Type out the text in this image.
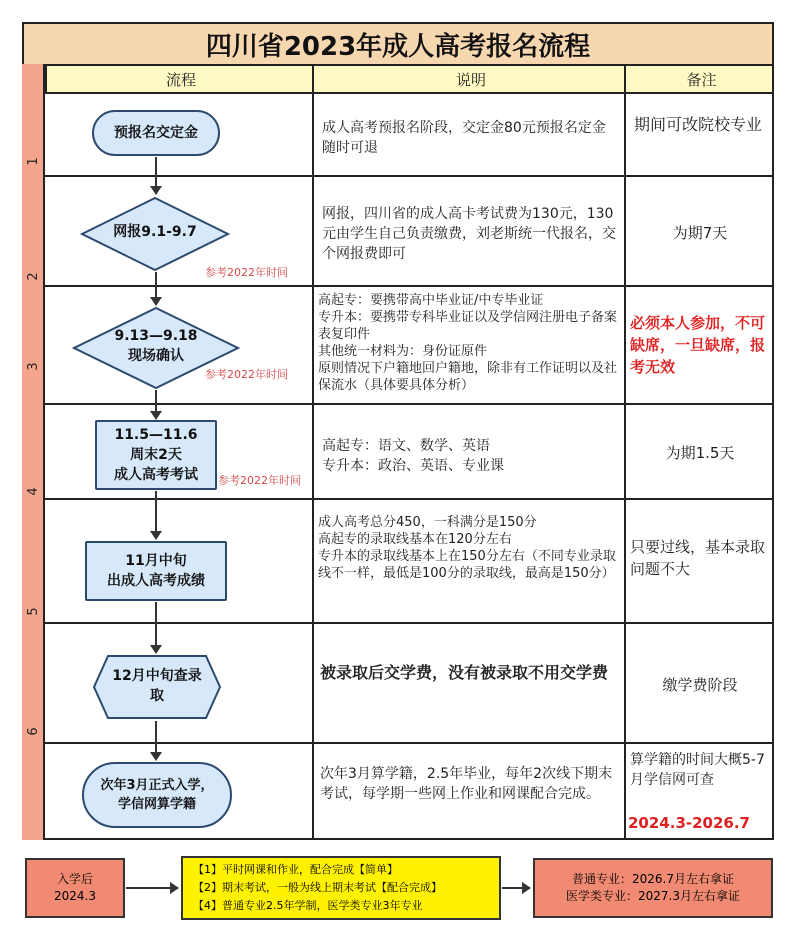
四川省2023年成人高考报名流程
1
2
3
4
5
6
流程	说明	备注
预报名交定金
网报9.1-9.7
9.13—9.18
现场确认
11.5—11.6
周末2天
成人高考考试
11月中旬
出成人高考成绩
12月中旬查录取
次年3月正式入学，学信网算学籍
参考2022年时间
参考2022年时间
参考2022年时间
成人高考预报名阶段，交定金80元预报名定金随时可退
网报，四川省的成人高卡考试费为130元，130元由学生自己负责缴费，刘老斯统一代报名，交个网报费即可
高起专：要携带高中毕业证/中专毕业证
专升本：要携带专科毕业证以及学信网注册电子备案表复印件
其他统一材料为：身份证原件
原则情况下户籍地回户籍地，除非有工作证明以及社保流水（具体要具体分析）
高起专：语文、数学、英语
专升本：政治、英语、专业课
成人高考总分450，一科满分是150分
高起专的录取线基本在120分左右
专升本的录取线基本上在150分左右（不同专业录取线不一样，最低是100分的录取线，最高是150分）
被录取后交学费，没有被录取不用交学费
次年3月算学籍，2.5年毕业，每年2次线下期末考试，每学期一些网上作业和网课配合完成。
期间可改院校专业
为期7天
必须本人参加，不可缺席，一旦缺席，报考无效
为期1.5天
只要过线，基本录取问题不大
缴学费阶段
算学籍的时间大概5-7月学信网可查
2024.3-2026.7
入学后
2024.3
【1】平时网课和作业，配合完成【简单】
【2】期末考试，一般为线上期末考试【配合完成】
【4】普通专业2.5年学制，医学类专业3年专业
普通专业：2026.7月左右拿证
医学类专业：2027.3月左右拿证
